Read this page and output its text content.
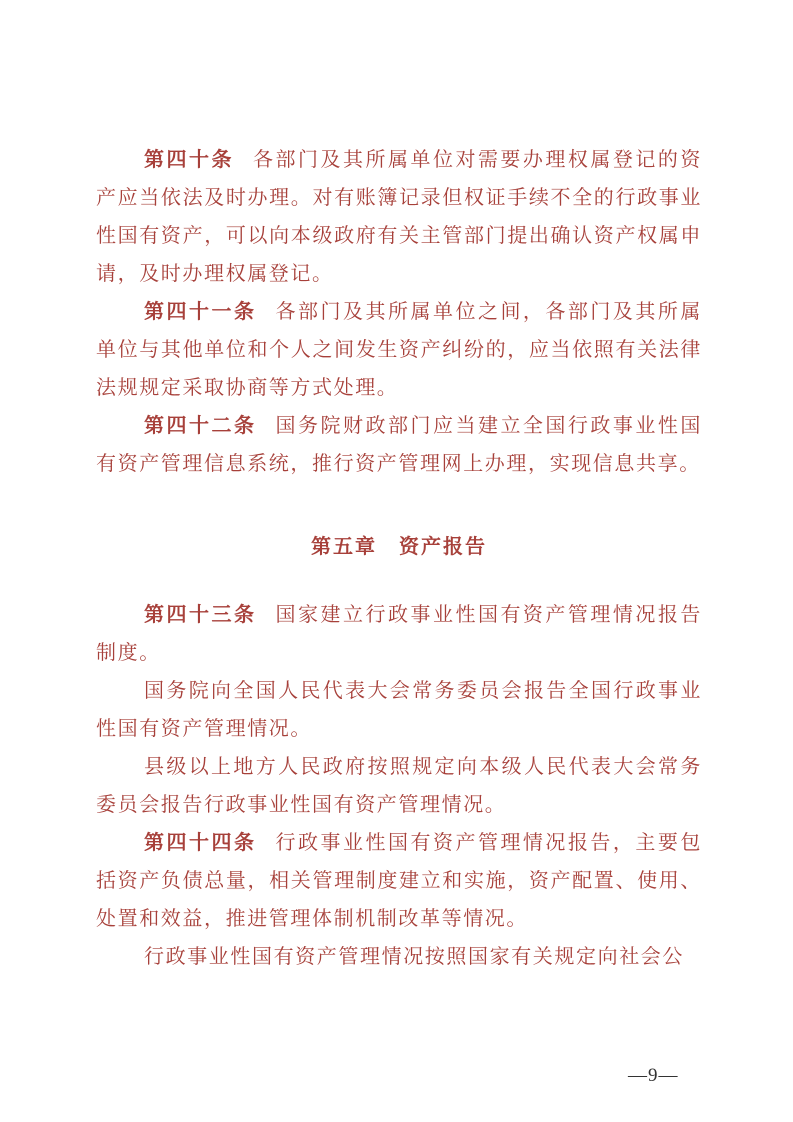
第四十条 各部门及其所属单位对需要办理权属登记的资产应当依法及时办理。对有账簿记录但权证手续不全的行政事业性国有资产，可以向本级政府有关主管部门提出确认资产权属申请，及时办理权属登记。

第四十一条 各部门及其所属单位之间，各部门及其所属单位与其他单位和个人之间发生资产纠纷的，应当依照有关法律法规规定采取协商等方式处理。

第四十二条 国务院财政部门应当建立全国行政事业性国有资产管理信息系统，推行资产管理网上办理，实现信息共享。

第五章　资产报告

第四十三条 国家建立行政事业性国有资产管理情况报告制度。

国务院向全国人民代表大会常务委员会报告全国行政事业性国有资产管理情况。

县级以上地方人民政府按照规定向本级人民代表大会常务委员会报告行政事业性国有资产管理情况。

第四十四条 行政事业性国有资产管理情况报告，主要包括资产负债总量，相关管理制度建立和实施，资产配置、使用、处置和效益，推进管理体制机制改革等情况。

行政事业性国有资产管理情况按照国家有关规定向社会公

—9—
